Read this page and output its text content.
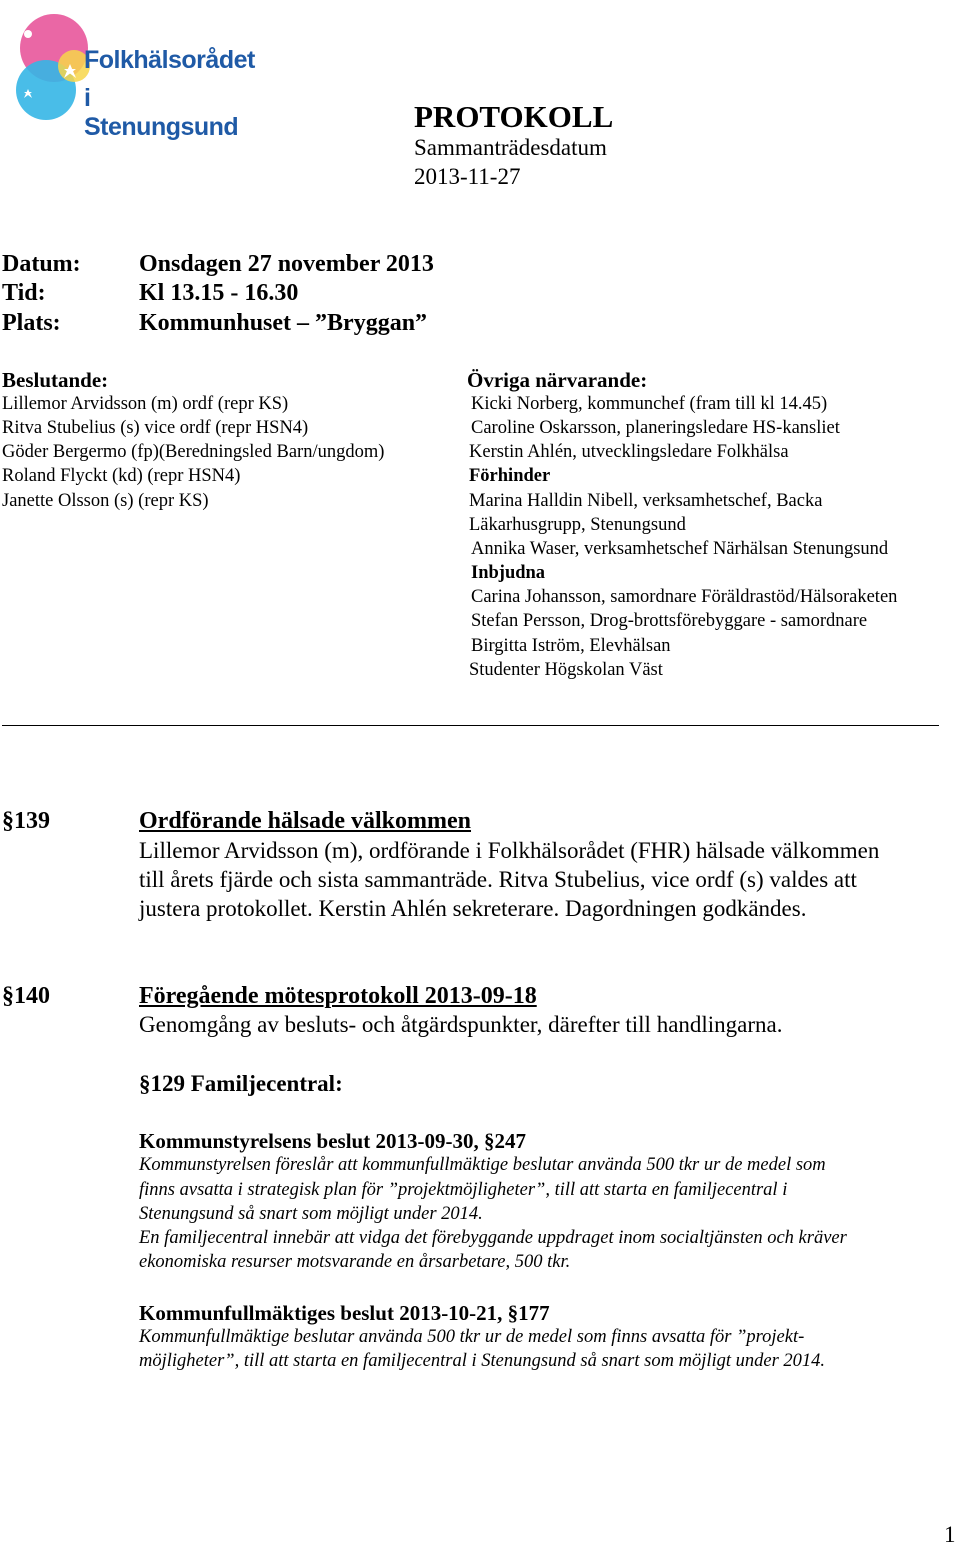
Folkhälsorådet
i Stenungsund	PROTOKOLL
Sammanträdesdatum
2013-11-27
Datum: Onsdagen 27 november 2013
Tid:	Kl 13.15 - 16.30
Plats:	Kommunhuset – ”Bryggan”
Beslutande:
Lillemor Arvidsson (m) ordf (repr KS)
Ritva Stubelius (s) vice ordf (repr HSN4)
Göder Bergermo (fp)(Beredningsled Barn/ungdom)
Roland Flyckt (kd) (repr HSN4)
Janette Olsson (s) (repr KS)
Övriga närvarande:
Kicki Norberg, kommunchef (fram till kl 14.45)
Caroline Oskarsson, planeringsledare HS-kansliet
Kerstin Ahlén, utvecklingsledare Folkhälsa
Förhinder
Marina Halldin Nibell, verksamhetschef, Backa
Läkarhusgrupp, Stenungsund
Annika Waser, verksamhetschef Närhälsan Stenungsund
Inbjudna
Carina Johansson, samordnare Föräldrastöd/Hälsoraketen
Stefan Persson, Drog-brottsförebyggare - samordnare
Birgitta Iström, Elevhälsan
Studenter Högskolan Väst
§139	Ordförande hälsade välkommen
Lillemor Arvidsson (m), ordförande i Folkhälsorådet (FHR) hälsade välkommen
till årets fjärde och sista sammanträde. Ritva Stubelius, vice ordf (s) valdes att
justera protokollet. Kerstin Ahlén sekreterare. Dagordningen godkändes.
§140	Föregående mötesprotokoll 2013-09-18
Genomgång av besluts- och åtgärdspunkter, därefter till handlingarna.
§129 Familjecentral:
Kommunstyrelsens beslut 2013-09-30, §247
Kommunstyrelsen föreslår att kommunfullmäktige beslutar använda 500 tkr ur de medel som
finns avsatta i strategisk plan för ”projektmöjligheter”, till att starta en familjecentral i
Stenungsund så snart som möjligt under 2014.
En familjecentral innebär att vidga det förebyggande uppdraget inom socialtjänsten och kräver
ekonomiska resurser motsvarande en årsarbetare, 500 tkr.
Kommunfullmäktiges beslut 2013-10-21, §177
Kommunfullmäktige beslutar använda 500 tkr ur de medel som finns avsatta för ”projekt-
möjligheter”, till att starta en familjecentral i Stenungsund så snart som möjligt under 2014.
1
